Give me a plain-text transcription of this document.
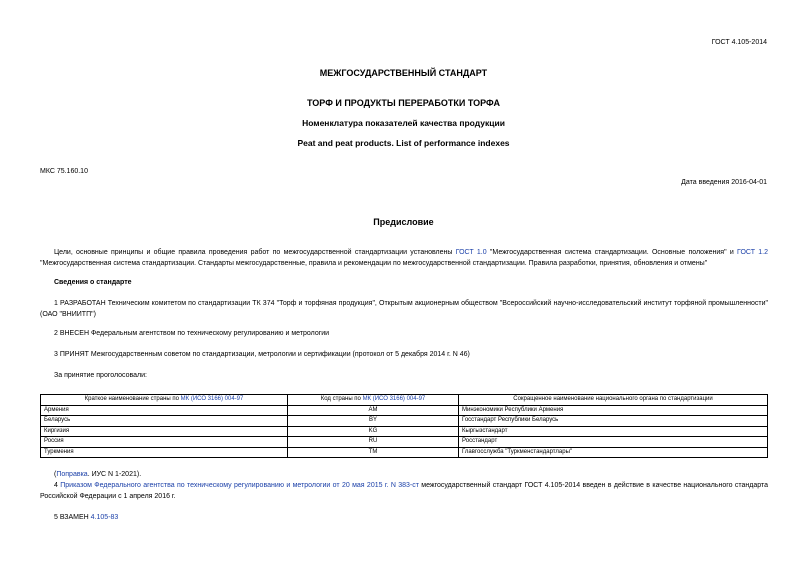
ГОСТ 4.105-2014
МЕЖГОСУДАРСТВЕННЫЙ СТАНДАРТ
ТОРФ И ПРОДУКТЫ ПЕРЕРАБОТКИ ТОРФА
Номенклатура показателей качества продукции
Peat and peat products. List of performance indexes
МКС 75.160.10
Дата введения 2016-04-01
Предисловие
Цели, основные принципы и общие правила проведения работ по межгосударственной стандартизации установлены ГОСТ 1.0 "Межгосударственная система стандартизации. Основные положения" и ГОСТ 1.2 "Межгосударственная система стандартизации. Стандарты межгосударственные, правила и рекомендации по межгосударственной стандартизации. Правила разработки, принятия, обновления и отмены"
Сведения о стандарте
1 РАЗРАБОТАН Техническим комитетом по стандартизации ТК 374 "Торф и торфяная продукция", Открытым акционерным обществом "Всероссийский научно-исследовательский институт торфяной промышленности" (ОАО "ВНИИТП")
2 ВНЕСЕН Федеральным агентством по техническому регулированию и метрологии
3 ПРИНЯТ Межгосударственным советом по стандартизации, метрологии и сертификации (протокол от 5 декабря 2014 г. N 46)
За принятие проголосовали:
Краткое наименование страны по МК (ИСО 3166) 004-97	Код страны по МК (ИСО 3166) 004-97	Сокращенное наименование национального органа по стандартизации
Армения	AM	Минэкономики Республики Армения
Беларусь	BY	Госстандарт Республики Беларусь
Киргизия	KG	Кыргызстандарт
Россия	RU	Росстандарт
Туркмения	TM	Главгосслужба "Туркменстандартлары"
(Поправка. ИУС N 1-2021).
4 Приказом Федерального агентства по техническому регулированию и метрологии от 20 мая 2015 г. N 383-ст межгосударственный стандарт ГОСТ 4.105-2014 введен в действие в качестве национального стандарта Российской Федерации с 1 апреля 2016 г.
5 ВЗАМЕН 4.105-83
